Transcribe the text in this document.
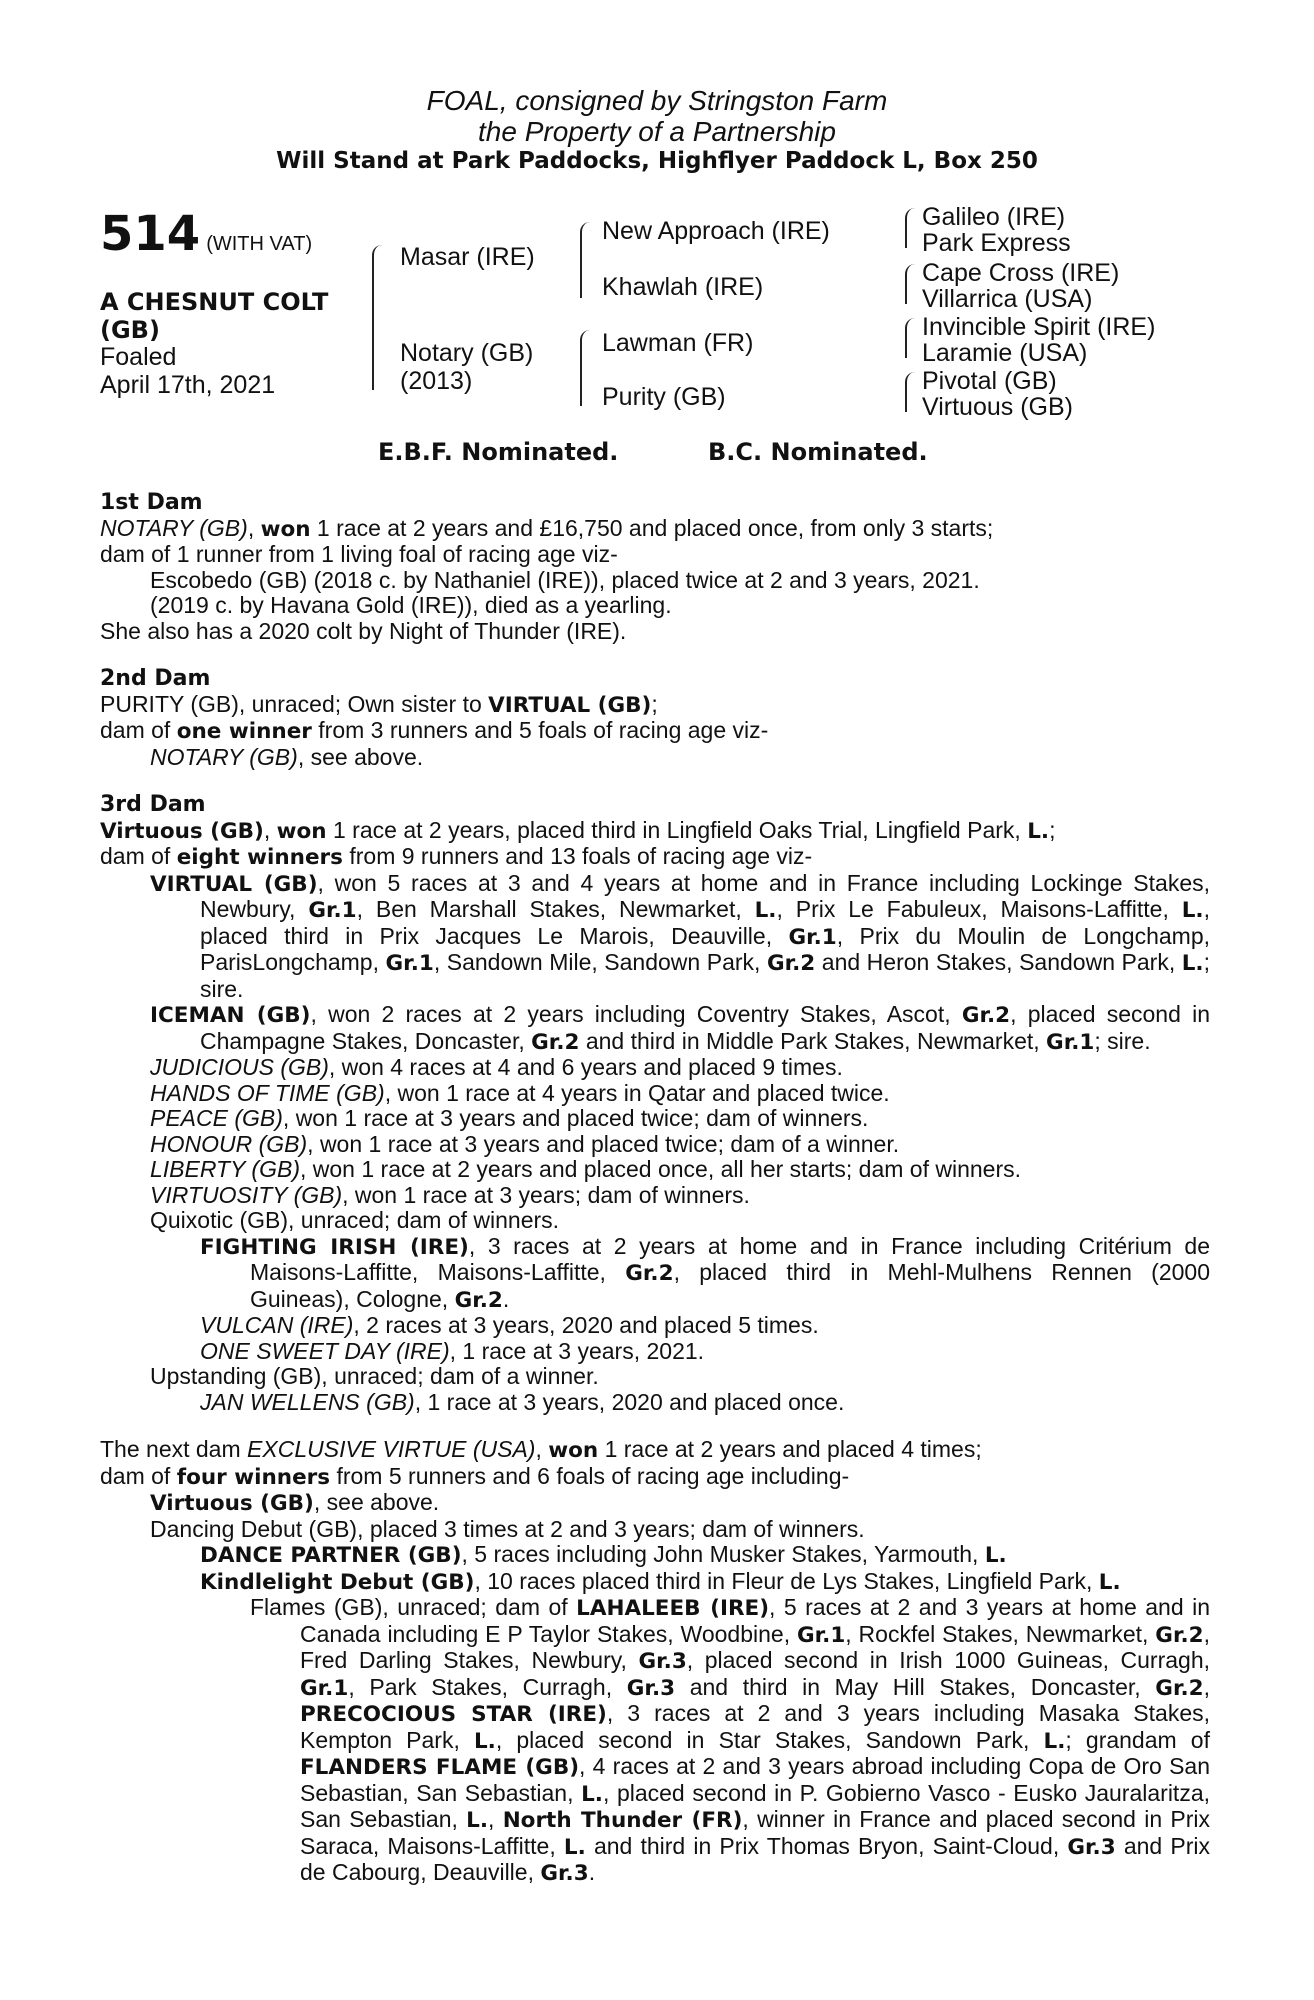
FOAL, consigned by Stringston Farm
the Property of a Partnership
Will Stand at Park Paddocks, Highflyer Paddock L, Box 250
514 (WITH VAT)
A CHESNUT COLT
(GB)
Foaled
April 17th, 2021
Masar (IRE)
Notary (GB)
(2013)
New Approach (IRE)
Khawlah (IRE)
Lawman (FR)
Purity (GB)
Galileo (IRE)
Park Express
Cape Cross (IRE)
Villarrica (USA)
Invincible Spirit (IRE)
Laramie (USA)
Pivotal (GB)
Virtuous (GB)
E.B.F. Nominated.	B.C. Nominated.

1st Dam

NOTARY (GB), won 1 race at 2 years and £16,750 and placed once, from only 3 starts;

dam of 1 runner from 1 living foal of racing age viz-

Escobedo (GB) (2018 c. by Nathaniel (IRE)), placed twice at 2 and 3 years, 2021.

(2019 c. by Havana Gold (IRE)), died as a yearling.

She also has a 2020 colt by Night of Thunder (IRE).

2nd Dam

PURITY (GB), unraced; Own sister to VIRTUAL (GB);

dam of one winner from 3 runners and 5 foals of racing age viz-

NOTARY (GB), see above.

3rd Dam

Virtuous (GB), won 1 race at 2 years, placed third in Lingfield Oaks Trial, Lingfield Park, L.;

dam of eight winners from 9 runners and 13 foals of racing age viz-

VIRTUAL (GB), won 5 races at 3 and 4 years at home and in France including Lockinge Stakes, Newbury, Gr.1, Ben Marshall Stakes, Newmarket, L., Prix Le Fabuleux, Maisons-Laffitte, L., placed third in Prix Jacques Le Marois, Deauville, Gr.1, Prix du Moulin de Longchamp, ParisLongchamp, Gr.1, Sandown Mile, Sandown Park, Gr.2 and Heron Stakes, Sandown Park, L.; sire.

ICEMAN (GB), won 2 races at 2 years including Coventry Stakes, Ascot, Gr.2, placed second in Champagne Stakes, Doncaster, Gr.2 and third in Middle Park Stakes, Newmarket, Gr.1; sire.

JUDICIOUS (GB), won 4 races at 4 and 6 years and placed 9 times.

HANDS OF TIME (GB), won 1 race at 4 years in Qatar and placed twice.

PEACE (GB), won 1 race at 3 years and placed twice; dam of winners.

HONOUR (GB), won 1 race at 3 years and placed twice; dam of a winner.

LIBERTY (GB), won 1 race at 2 years and placed once, all her starts; dam of winners.

VIRTUOSITY (GB), won 1 race at 3 years; dam of winners.

Quixotic (GB), unraced; dam of winners.

FIGHTING IRISH (IRE), 3 races at 2 years at home and in France including Critérium de Maisons-Laffitte, Maisons-Laffitte, Gr.2, placed third in Mehl-Mulhens Rennen (2000 Guineas), Cologne, Gr.2.

VULCAN (IRE), 2 races at 3 years, 2020 and placed 5 times.

ONE SWEET DAY (IRE), 1 race at 3 years, 2021.

Upstanding (GB), unraced; dam of a winner.

JAN WELLENS (GB), 1 race at 3 years, 2020 and placed once.

The next dam EXCLUSIVE VIRTUE (USA), won 1 race at 2 years and placed 4 times;

dam of four winners from 5 runners and 6 foals of racing age including-

Virtuous (GB), see above.

Dancing Debut (GB), placed 3 times at 2 and 3 years; dam of winners.

DANCE PARTNER (GB), 5 races including John Musker Stakes, Yarmouth, L.

Kindlelight Debut (GB), 10 races placed third in Fleur de Lys Stakes, Lingfield Park, L.

Flames (GB), unraced; dam of LAHALEEB (IRE), 5 races at 2 and 3 years at home and in Canada including E P Taylor Stakes, Woodbine, Gr.1, Rockfel Stakes, Newmarket, Gr.2, Fred Darling Stakes, Newbury, Gr.3, placed second in Irish 1000 Guineas, Curragh, Gr.1, Park Stakes, Curragh, Gr.3 and third in May Hill Stakes, Doncaster, Gr.2, PRECOCIOUS STAR (IRE), 3 races at 2 and 3 years including Masaka Stakes, Kempton Park, L., placed second in Star Stakes, Sandown Park, L.; grandam of FLANDERS FLAME (GB), 4 races at 2 and 3 years abroad including Copa de Oro San Sebastian, San Sebastian, L., placed second in P. Gobierno Vasco - Eusko Jauralaritza, San Sebastian, L., North Thunder (FR), winner in France and placed second in Prix Saraca, Maisons-Laffitte, L. and third in Prix Thomas Bryon, Saint-Cloud, Gr.3 and Prix de Cabourg, Deauville, Gr.3.
